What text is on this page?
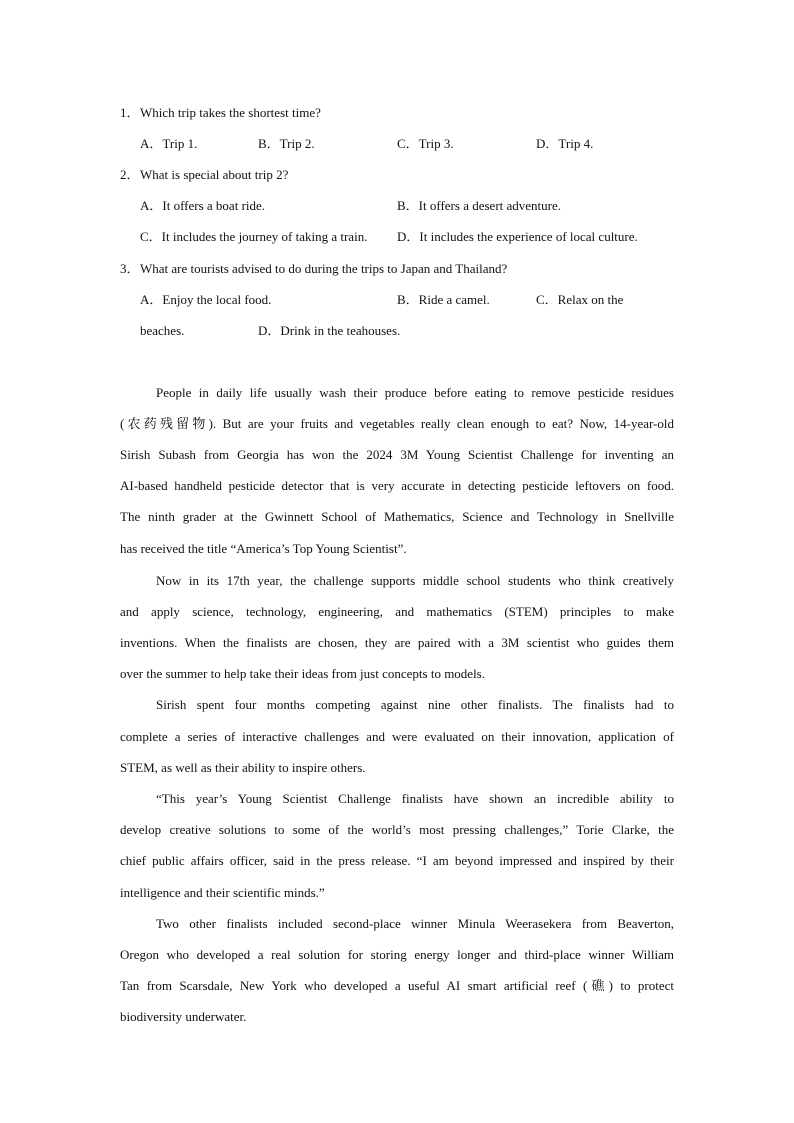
1． Which trip takes the shortest time?
A．Trip 1.	B．Trip 2.	C．Trip 3.	D．Trip 4.
2． What is special about trip 2?
A．It offers a boat ride.	B．It offers a desert adventure.
C．It includes the journey of taking a train. D．It includes the experience of local culture.
3． What are tourists advised to do during the trips to Japan and Thailand?
A．Enjoy the local food.	B．Ride a camel.	C．Relax on the
beaches.	D．Drink in the teahouses.
People in daily life usually wash their produce before eating to remove pesticide residues
(农药残留物). But are your fruits and vegetables really clean enough to eat? Now, 14-year-old
Sirish Subash from Georgia has won the 2024 3M Young Scientist Challenge for inventing an
AI-based handheld pesticide detector that is very accurate in detecting pesticide leftovers on food.
The ninth grader at the Gwinnett School of Mathematics, Science and Technology in Snellville
has received the title “America’s Top Young Scientist”.
Now in its 17th year, the challenge supports middle school students who think creatively
and apply science, technology, engineering, and mathematics (STEM) principles to make
inventions. When the finalists are chosen, they are paired with a 3M scientist who guides them
over the summer to help take their ideas from just concepts to models.
Sirish spent four months competing against nine other finalists. The finalists had to
complete a series of interactive challenges and were evaluated on their innovation, application of
STEM, as well as their ability to inspire others.
“This year’s Young Scientist Challenge finalists have shown an incredible ability to
develop creative solutions to some of the world’s most pressing challenges,” Torie Clarke, the
chief public affairs officer, said in the press release. “I am beyond impressed and inspired by their
intelligence and their scientific minds.”
Two other finalists included second-place winner Minula Weerasekera from Beaverton,
Oregon who developed a real solution for storing energy longer and third-place winner William
Tan from Scarsdale, New York who developed a useful AI smart artificial reef (礁) to protect
biodiversity underwater.
